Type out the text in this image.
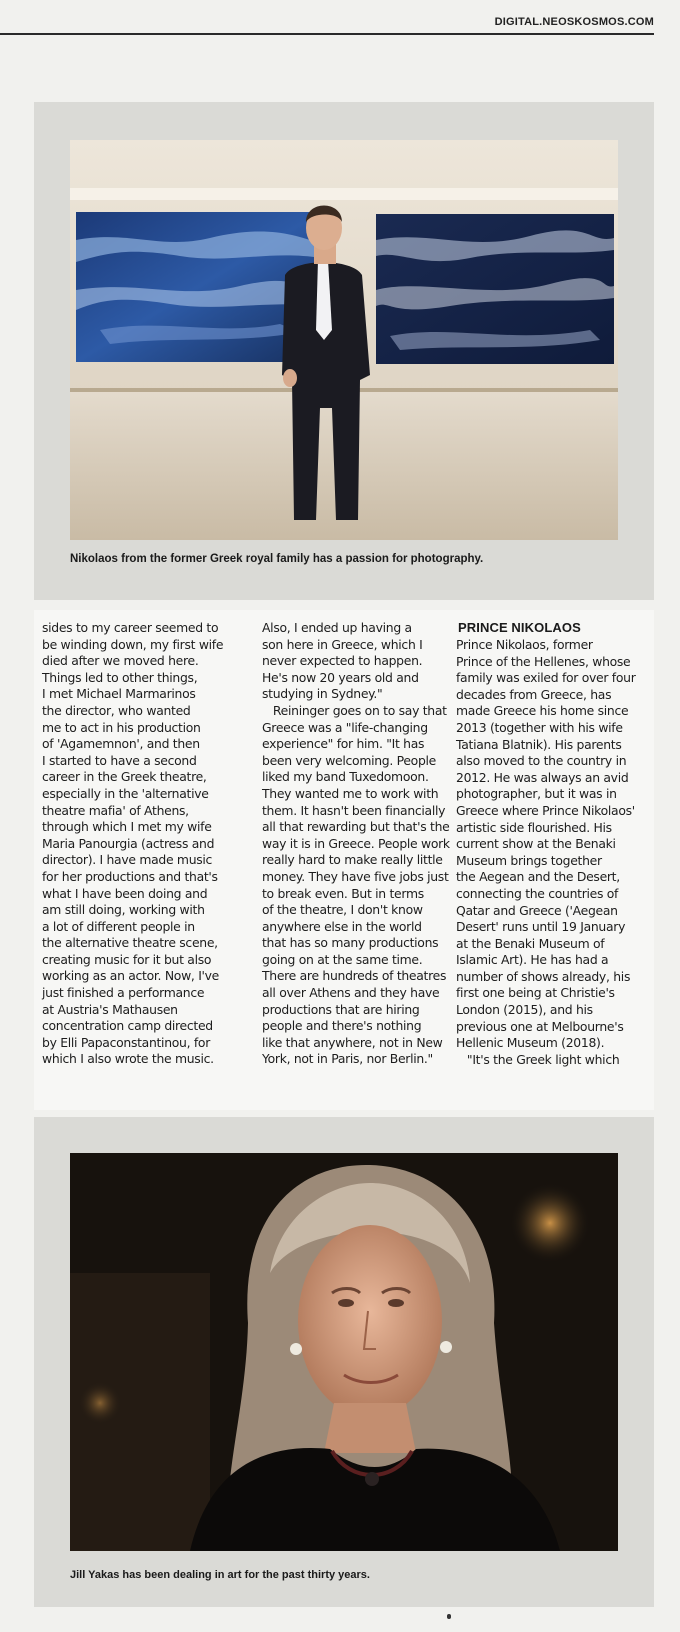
DIGITAL.NEOSKOSMOS.COM
Nikolaos from the former Greek royal family has a passion for photography.
sides to my career seemed to
be winding down, my first wife
died after we moved here.
Things led to other things,
I met Michael Marmarinos
the director, who wanted
me to act in his production
of 'Agamemnon', and then
I started to have a second
career in the Greek theatre,
especially in the 'alternative
theatre mafia' of Athens,
through which I met my wife
Maria Panourgia (actress and
director). I have made music
for her productions and that's
what I have been doing and
am still doing, working with
a lot of different people in
the alternative theatre scene,
creating music for it but also
working as an actor. Now, I've
just finished a performance
at Austria's Mathausen
concentration camp directed
by Elli Papaconstantinou, for
which I also wrote the music.
Also, I ended up having a
son here in Greece, which I
never expected to happen.
He's now 20 years old and
studying in Sydney."
Reininger goes on to say that
Greece was a "life-changing
experience" for him. "It has
been very welcoming. People
liked my band Tuxedomoon.
They wanted me to work with
them. It hasn't been financially
all that rewarding but that's the
way it is in Greece. People work
really hard to make really little
money. They have five jobs just
to break even. But in terms
of the theatre, I don't know
anywhere else in the world
that has so many productions
going on at the same time.
There are hundreds of theatres
all over Athens and they have
productions that are hiring
people and there's nothing
like that anywhere, not in New
York, not in Paris, nor Berlin."
PRINCE NIKOLAOS
Prince Nikolaos, former
Prince of the Hellenes, whose
family was exiled for over four
decades from Greece, has
made Greece his home since
2013 (together with his wife
Tatiana Blatnik). His parents
also moved to the country in
2012. He was always an avid
photographer, but it was in
Greece where Prince Nikolaos'
artistic side flourished. His
current show at the Benaki
Museum brings together
the Aegean and the Desert,
connecting the countries of
Qatar and Greece ('Aegean
Desert' runs until 19 January
at the Benaki Museum of
Islamic Art). He has had a
number of shows already, his
first one being at Christie's
London (2015), and his
previous one at Melbourne's
Hellenic Museum (2018).
"It's the Greek light which
Jill Yakas has been dealing in art for the past thirty years.
